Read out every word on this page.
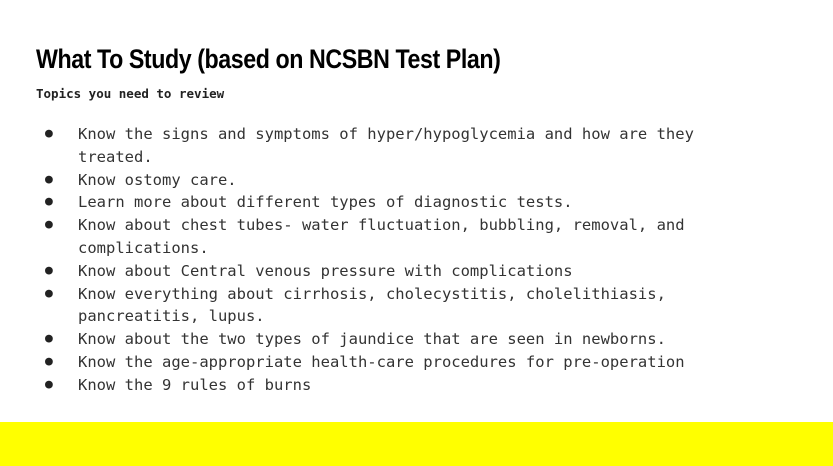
What To Study (based on NCSBN Test Plan)

Topics you need to review

● Know the signs and symptoms of hyper/hypoglycemia and how are they treated.
● Know ostomy care.
● Learn more about different types of diagnostic tests.
● Know about chest tubes- water fluctuation, bubbling, removal, and complications.
● Know about Central venous pressure with complications
● Know everything about cirrhosis, cholecystitis, cholelithiasis, pancreatitis, lupus.
● Know about the two types of jaundice that are seen in newborns.
● Know the age-appropriate health-care procedures for pre-operation
● Know the 9 rules of burns
